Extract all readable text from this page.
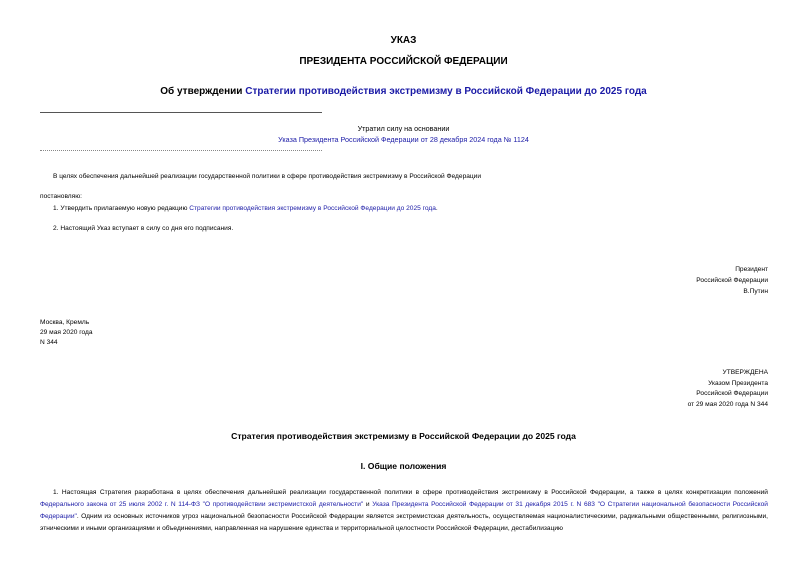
УКАЗ
ПРЕЗИДЕНТА РОССИЙСКОЙ ФЕДЕРАЦИИ
Об утверждении Стратегии противодействия экстремизму в Российской Федерации до 2025 года
Утратил силу на основании
Указа Президента Российской Федерации от 28 декабря 2024 года № 1124
В целях обеспечения дальнейшей реализации государственной политики в сфере противодействия экстремизму в Российской Федерации
постановляю:
1. Утвердить прилагаемую новую редакцию Стратегии противодействия экстремизму в Российской Федерации до 2025 года.
2. Настоящий Указ вступает в силу со дня его подписания.
Президент
Российской Федерации
В.Путин
Москва, Кремль
29 мая 2020 года
N 344
УТВЕРЖДЕНА
Указом Президента
Российской Федерации
от 29 мая 2020 года N 344
Стратегия противодействия экстремизму в Российской Федерации до 2025 года
I. Общие положения
1. Настоящая Стратегия разработана в целях обеспечения дальнейшей реализации государственной политики в сфере противодействия экстремизму в Российской Федерации, а также в целях конкретизации положений Федерального закона от 25 июля 2002 г. N 114-ФЗ "О противодействии экстремистской деятельности" и Указа Президента Российской Федерации от 31 декабря 2015 г. N 683 "О Стратегии национальной безопасности Российской Федерации". Одним из основных источников угроз национальной безопасности Российской Федерации является экстремистская деятельность, осуществляемая националистическими, радикальными общественными, религиозными, этническими и иными организациями и объединениями, направленная на нарушение единства и территориальной целостности Российской Федерации, дестабилизацию
